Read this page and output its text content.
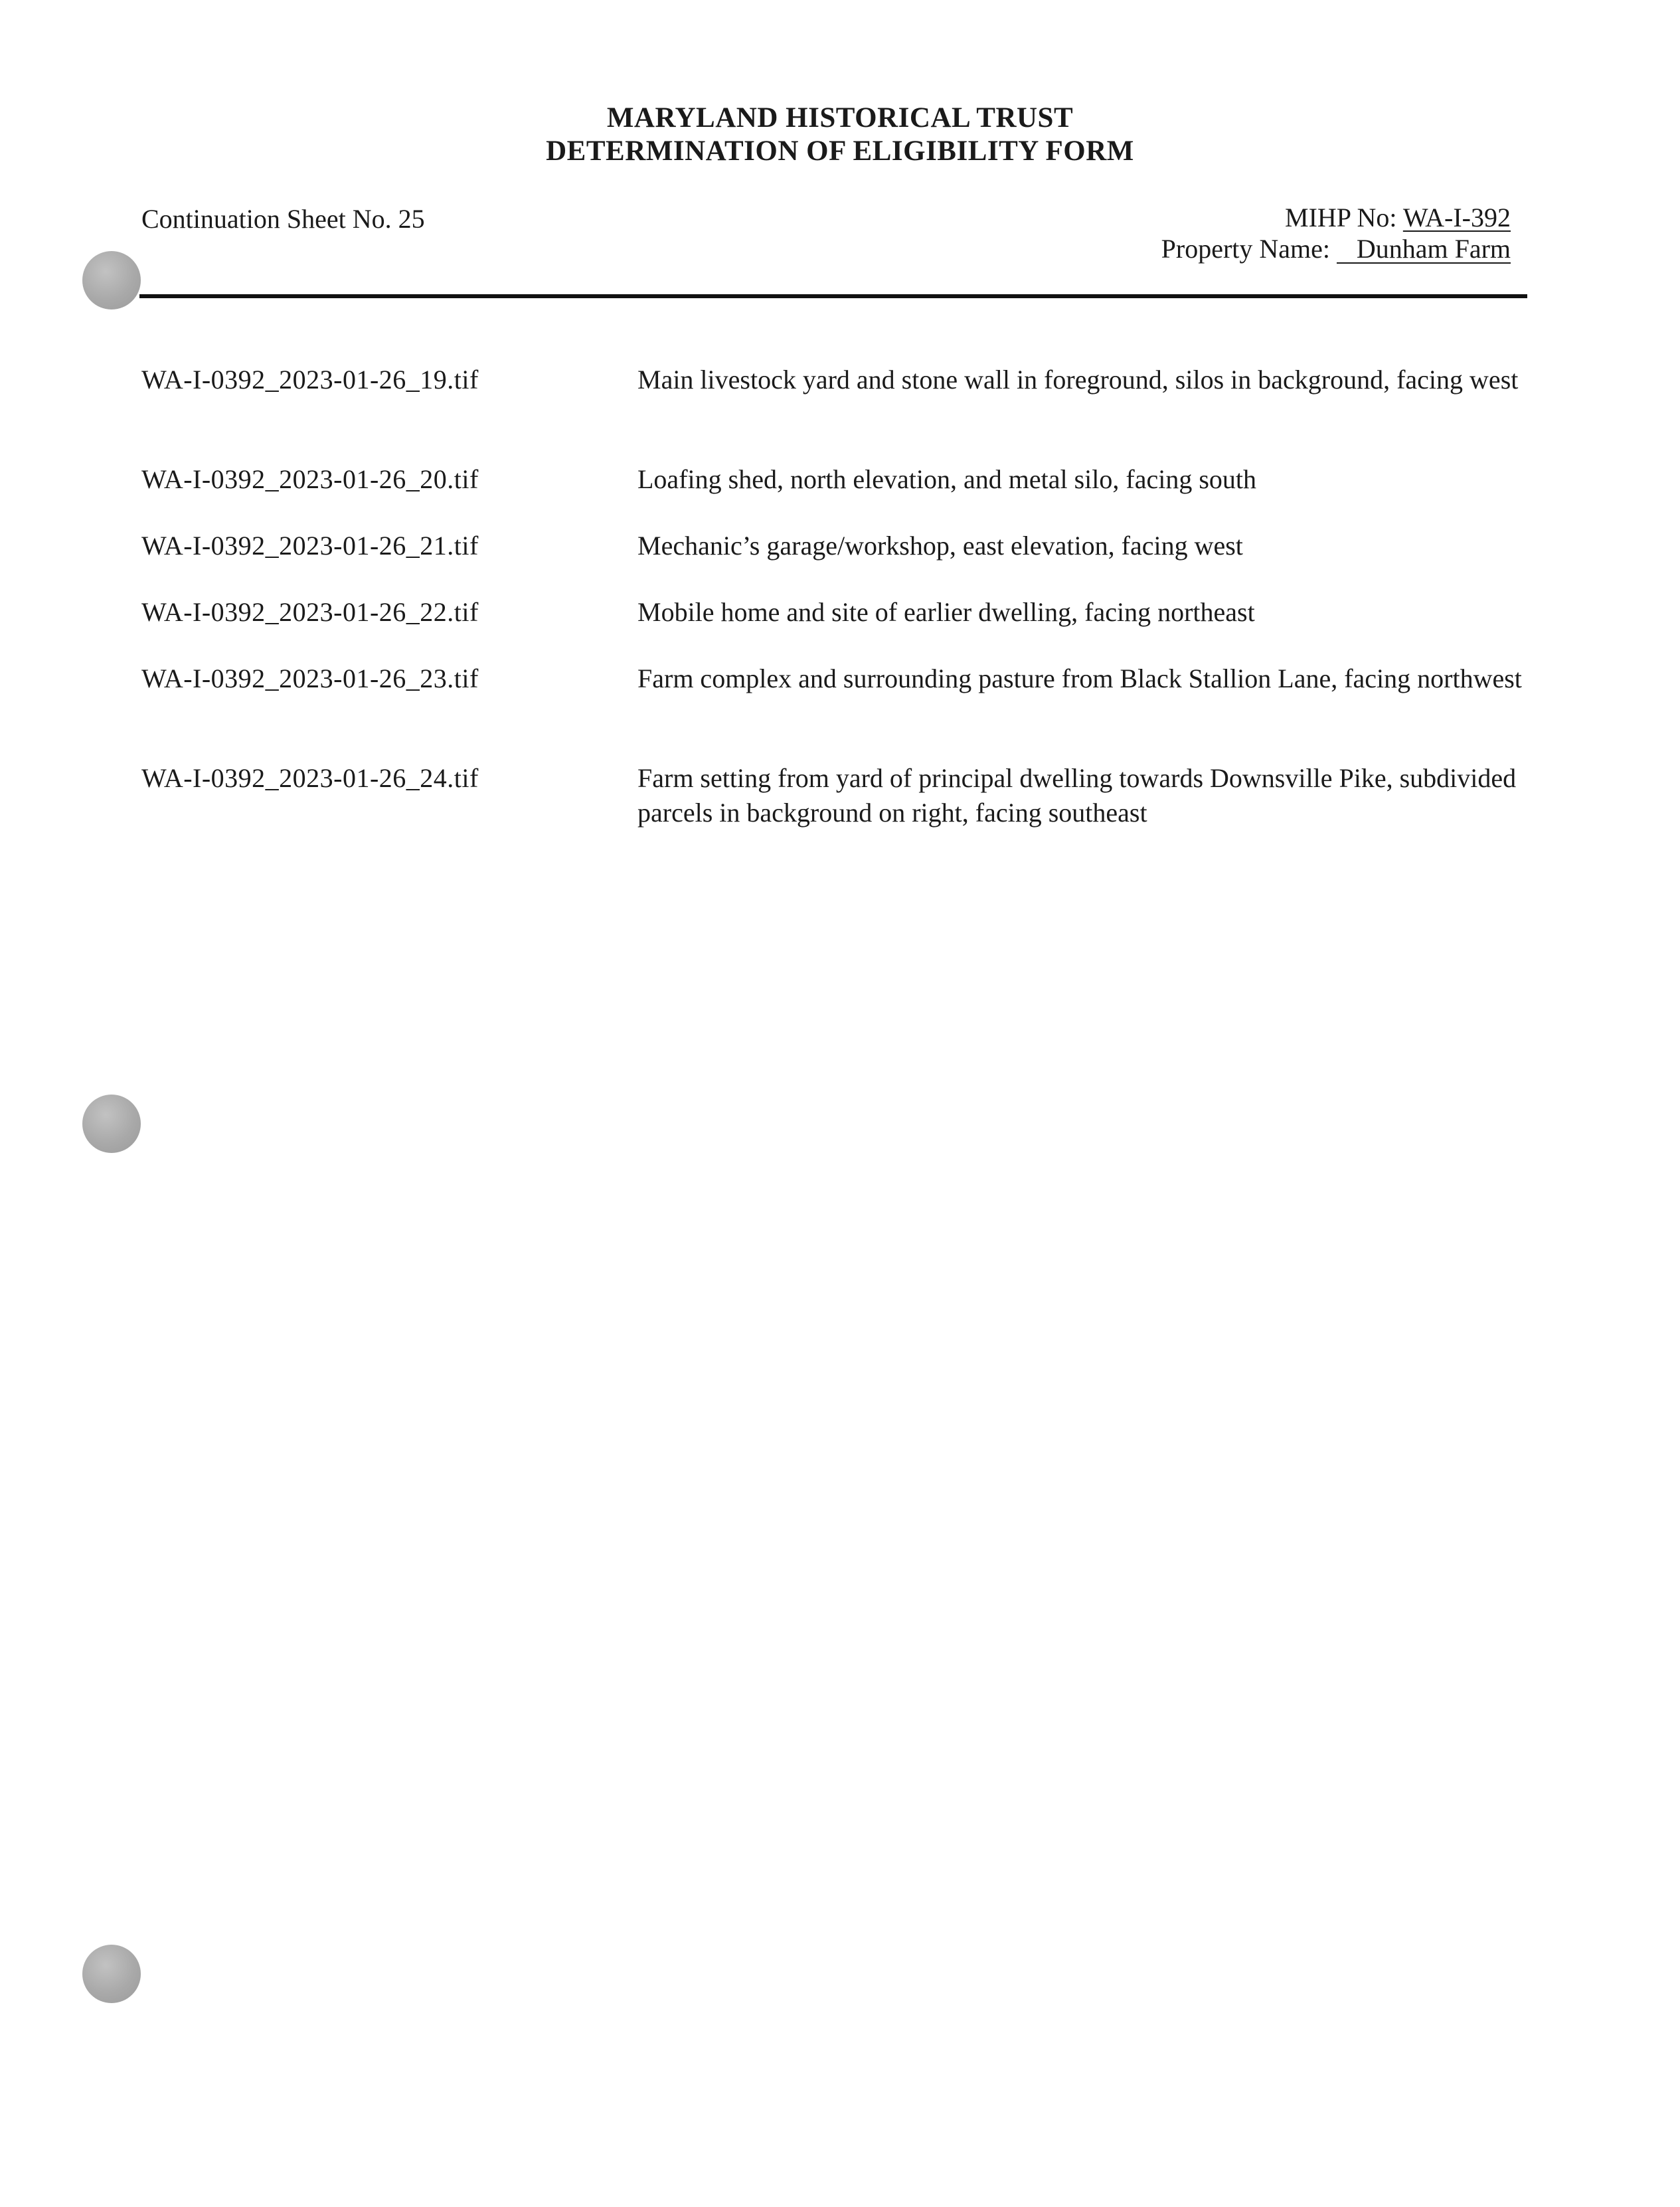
MARYLAND HISTORICAL TRUST
DETERMINATION OF ELIGIBILITY FORM
Continuation Sheet No. 25	MIHP No: WA-I-392
Property Name: Dunham Farm
WA-I-0392_2023-01-26_19.tif	Main livestock yard and stone wall in foreground, silos in background, facing west
WA-I-0392_2023-01-26_20.tif	Loafing shed, north elevation, and metal silo, facing south
WA-I-0392_2023-01-26_21.tif	Mechanic’s garage/workshop, east elevation, facing west
WA-I-0392_2023-01-26_22.tif	Mobile home and site of earlier dwelling, facing northeast
WA-I-0392_2023-01-26_23.tif	Farm complex and surrounding pasture from Black Stallion Lane, facing northwest
WA-I-0392_2023-01-26_24.tif	Farm setting from yard of principal dwelling towards Downsville Pike, subdivided parcels in background on right, facing southeast
